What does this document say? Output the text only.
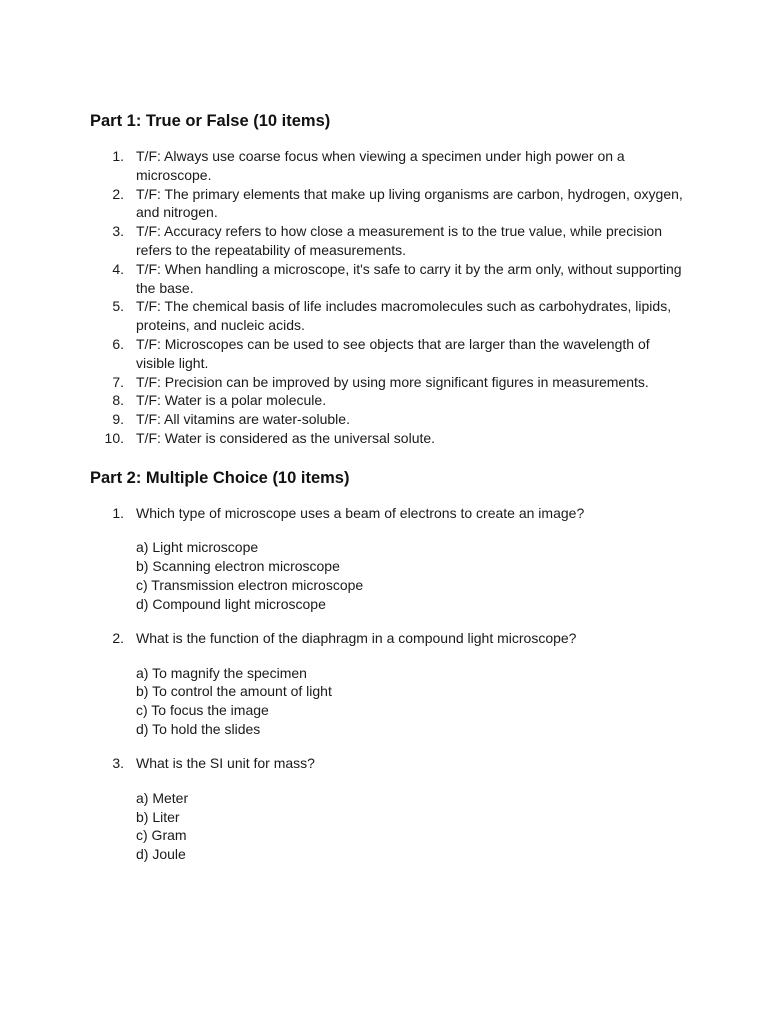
Part 1: True or False (10 items)
1. T/F: Always use coarse focus when viewing a specimen under high power on a microscope.
2. T/F: The primary elements that make up living organisms are carbon, hydrogen, oxygen, and nitrogen.
3. T/F: Accuracy refers to how close a measurement is to the true value, while precision refers to the repeatability of measurements.
4. T/F: When handling a microscope, it's safe to carry it by the arm only, without supporting the base.
5. T/F: The chemical basis of life includes macromolecules such as carbohydrates, lipids, proteins, and nucleic acids.
6. T/F: Microscopes can be used to see objects that are larger than the wavelength of visible light.
7. T/F: Precision can be improved by using more significant figures in measurements.
8. T/F: Water is a polar molecule.
9. T/F: All vitamins are water-soluble.
10. T/F: Water is considered as the universal solute.
Part 2: Multiple Choice (10 items)
1. Which type of microscope uses a beam of electrons to create an image?

a) Light microscope
b) Scanning electron microscope
c) Transmission electron microscope
d) Compound light microscope
2. What is the function of the diaphragm in a compound light microscope?

a) To magnify the specimen
b) To control the amount of light
c) To focus the image
d) To hold the slides
3. What is the SI unit for mass?

a) Meter
b) Liter
c) Gram
d) Joule
